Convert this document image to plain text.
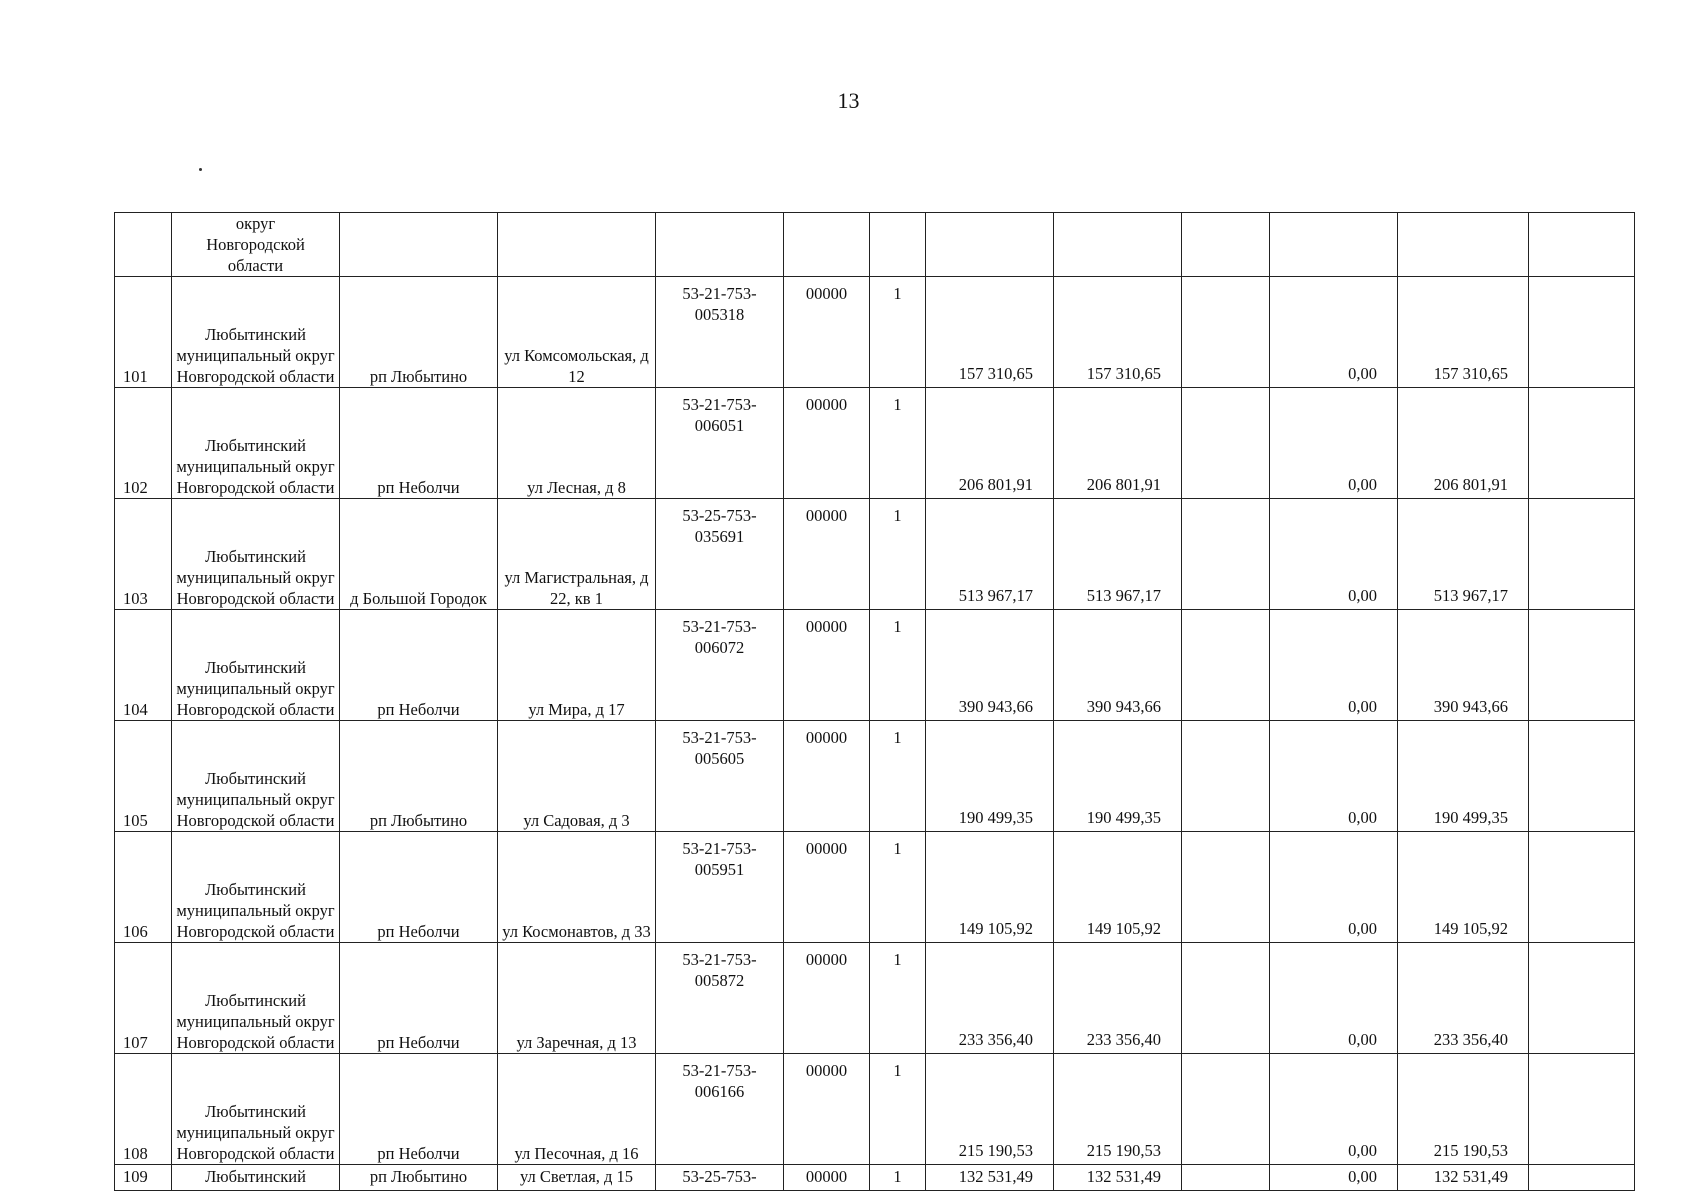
13

	округ
Новгородской
области											

101	Любытинский муниципальный округ Новгородской области	рп Любытино	ул Комсомольская, д 12	53-21-753-005318	00000	1	157 310,65	157 310,65		0,00	157 310,65	
102	Любытинский муниципальный округ Новгородской области	рп Неболчи	ул Лесная, д 8	53-21-753-006051	00000	1	206 801,91	206 801,91		0,00	206 801,91	
103	Любытинский муниципальный округ Новгородской области	д Большой Городок	ул Магистральная, д 22, кв 1	53-25-753-035691	00000	1	513 967,17	513 967,17		0,00	513 967,17	
104	Любытинский муниципальный округ Новгородской области	рп Неболчи	ул Мира, д 17	53-21-753-006072	00000	1	390 943,66	390 943,66		0,00	390 943,66	
105	Любытинский муниципальный округ Новгородской области	рп Любытино	ул Садовая, д 3	53-21-753-005605	00000	1	190 499,35	190 499,35		0,00	190 499,35	
106	Любытинский муниципальный округ Новгородской области	рп Неболчи	ул Космонавтов, д 33	53-21-753-005951	00000	1	149 105,92	149 105,92		0,00	149 105,92	
107	Любытинский муниципальный округ Новгородской области	рп Неболчи	ул Заречная, д 13	53-21-753-005872	00000	1	233 356,40	233 356,40		0,00	233 356,40	
108	Любытинский муниципальный округ Новгородской области	рп Неболчи	ул Песочная, д 16	53-21-753-006166	00000	1	215 190,53	215 190,53		0,00	215 190,53	
109	Любытинский	рп Любытино	ул Светлая, д 15	53-25-753-	00000	1	132 531,49	132 531,49		0,00	132 531,49	
